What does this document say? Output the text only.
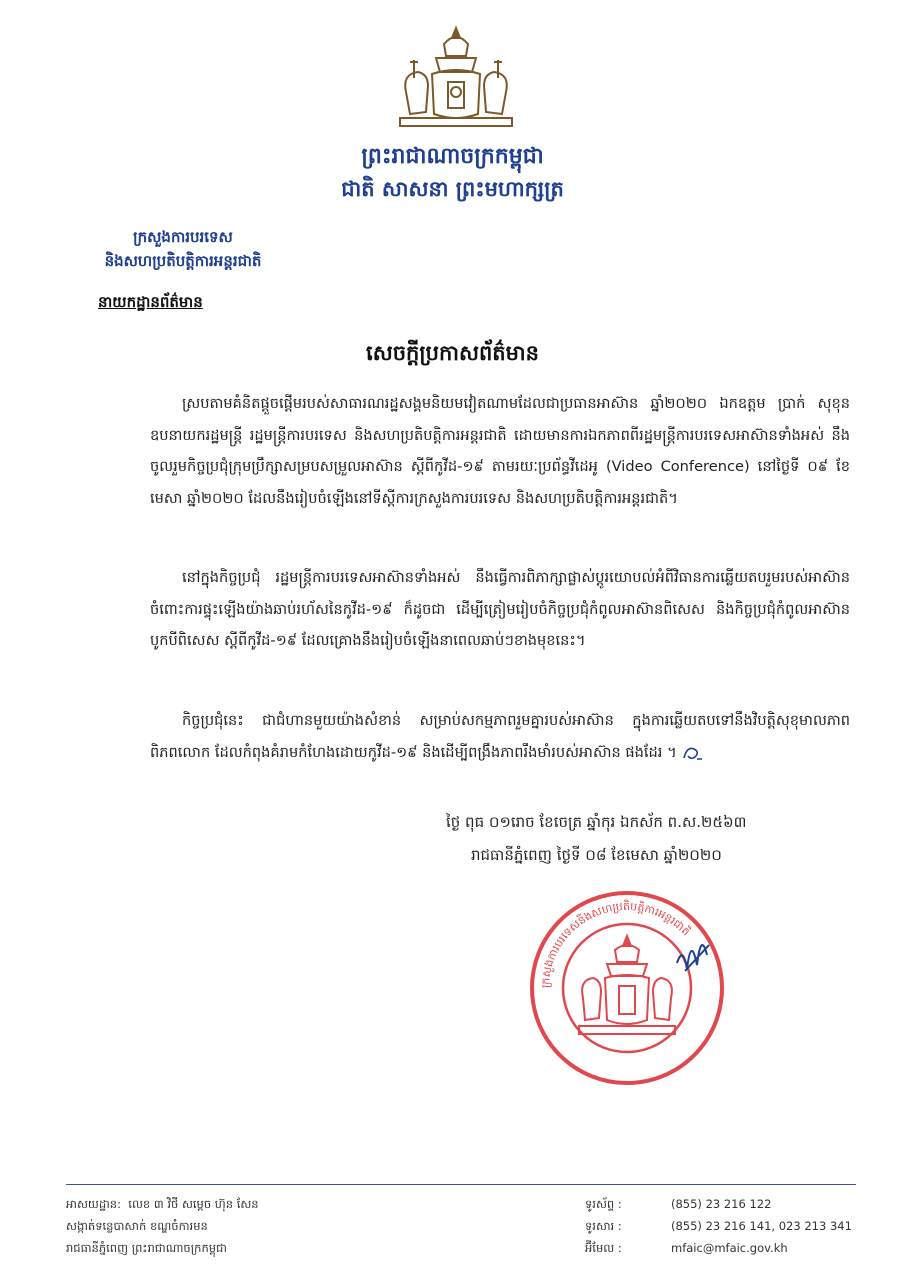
ព្រះរាជាណាចក្រកម្ពុជា
ជាតិ សាសនា ព្រះមហាក្សត្រ
ក្រសួងការបរទេស
និងសហប្រតិបត្តិការអន្តរជាតិ
នាយកដ្ឋានព័ត៌មាន
សេចក្តីប្រកាសព័ត៌មាន

ស្របតាមគំនិតផ្តួចផ្តើមរបស់សាធារណរដ្ឋសង្គមនិយមវៀតណាមដែលជាប្រធានអាស៊ាន ឆ្នាំ២០២០ ឯកឧត្តម ប្រាក់ សុខុន ឧបនាយករដ្ឋមន្ត្រី រដ្ឋមន្ត្រីការបរទេស និងសហប្រតិបត្តិការអន្តរជាតិ ដោយមានការឯកភាពពីរដ្ឋមន្ត្រីការបរទេសអាស៊ានទាំងអស់ នឹងចូលរួមកិច្ចប្រជុំក្រុមប្រឹក្សាសម្របសម្រួលអាស៊ាន ស្តីពីកូវីដ-១៩ តាមរយៈប្រព័ន្ធវីដេអូ (Video Conference) នៅថ្ងៃទី ០៩ ខែមេសា ឆ្នាំ២០២០ ដែលនឹងរៀបចំឡើងនៅទីស្តីការក្រសួងការបរទេស និងសហប្រតិបត្តិការអន្តរជាតិ។

នៅក្នុងកិច្ចប្រជុំ រដ្ឋមន្ត្រីការបរទេសអាស៊ានទាំងអស់ នឹងធ្វើការពិភាក្សាផ្លាស់ប្តូរយោបល់អំពីវិធានការឆ្លើយតបរួមរបស់អាស៊ាន ចំពោះការផ្ទុះឡើងយ៉ាងឆាប់រហ័សនៃកូវីដ-១៩ ក៏ដូចជា ដើម្បីត្រៀមរៀបចំកិច្ចប្រជុំកំពូលអាស៊ានពិសេស និងកិច្ចប្រជុំកំពូលអាស៊ានបូកបីពិសេស ស្តីពីកូវីដ-១៩ ដែលគ្រោងនឹងរៀបចំឡើងនាពេលឆាប់ៗខាងមុខនេះ។

កិច្ចប្រជុំនេះ ជាជំហានមួយយ៉ាងសំខាន់ សម្រាប់សកម្មភាពរួមគ្នារបស់អាស៊ាន ក្នុងការឆ្លើយតបទៅនឹងវិបត្តិសុខុមាលភាពពិភពលោក ដែលកំពុងគំរាមកំហែងដោយកូវីដ-១៩ និងដើម្បីពង្រឹងភាពរឹងមាំរបស់អាស៊ាន ផងដែរ ។

ថ្ងៃ ពុធ ០១រោច ខែចេត្រ ឆ្នាំកុរ ឯកស័ក ព.ស.២៥៦៣
រាជធានីភ្នំពេញ ថ្ងៃទី ០៨ ខែមេសា ឆ្នាំ២០២០
ក្រសួងការបរទេសនិងសហប្រតិបត្តិការអន្តរជាតិ
អាសយដ្ឋាន: លេខ ៣ វិថី សម្តេច ហ៊ុន សែន
សង្កាត់ទន្លេបាសាក់ ខណ្ឌចំការមន
រាជធានីភ្នំពេញ ព្រះរាជាណាចក្រកម្ពុជា
ទូរស័ព្ទ :	(855) 23 216 122
ទូរសារ :	(855) 23 216 141, 023 213 341
អ៊ីមែល :	mfaic@mfaic.gov.kh
